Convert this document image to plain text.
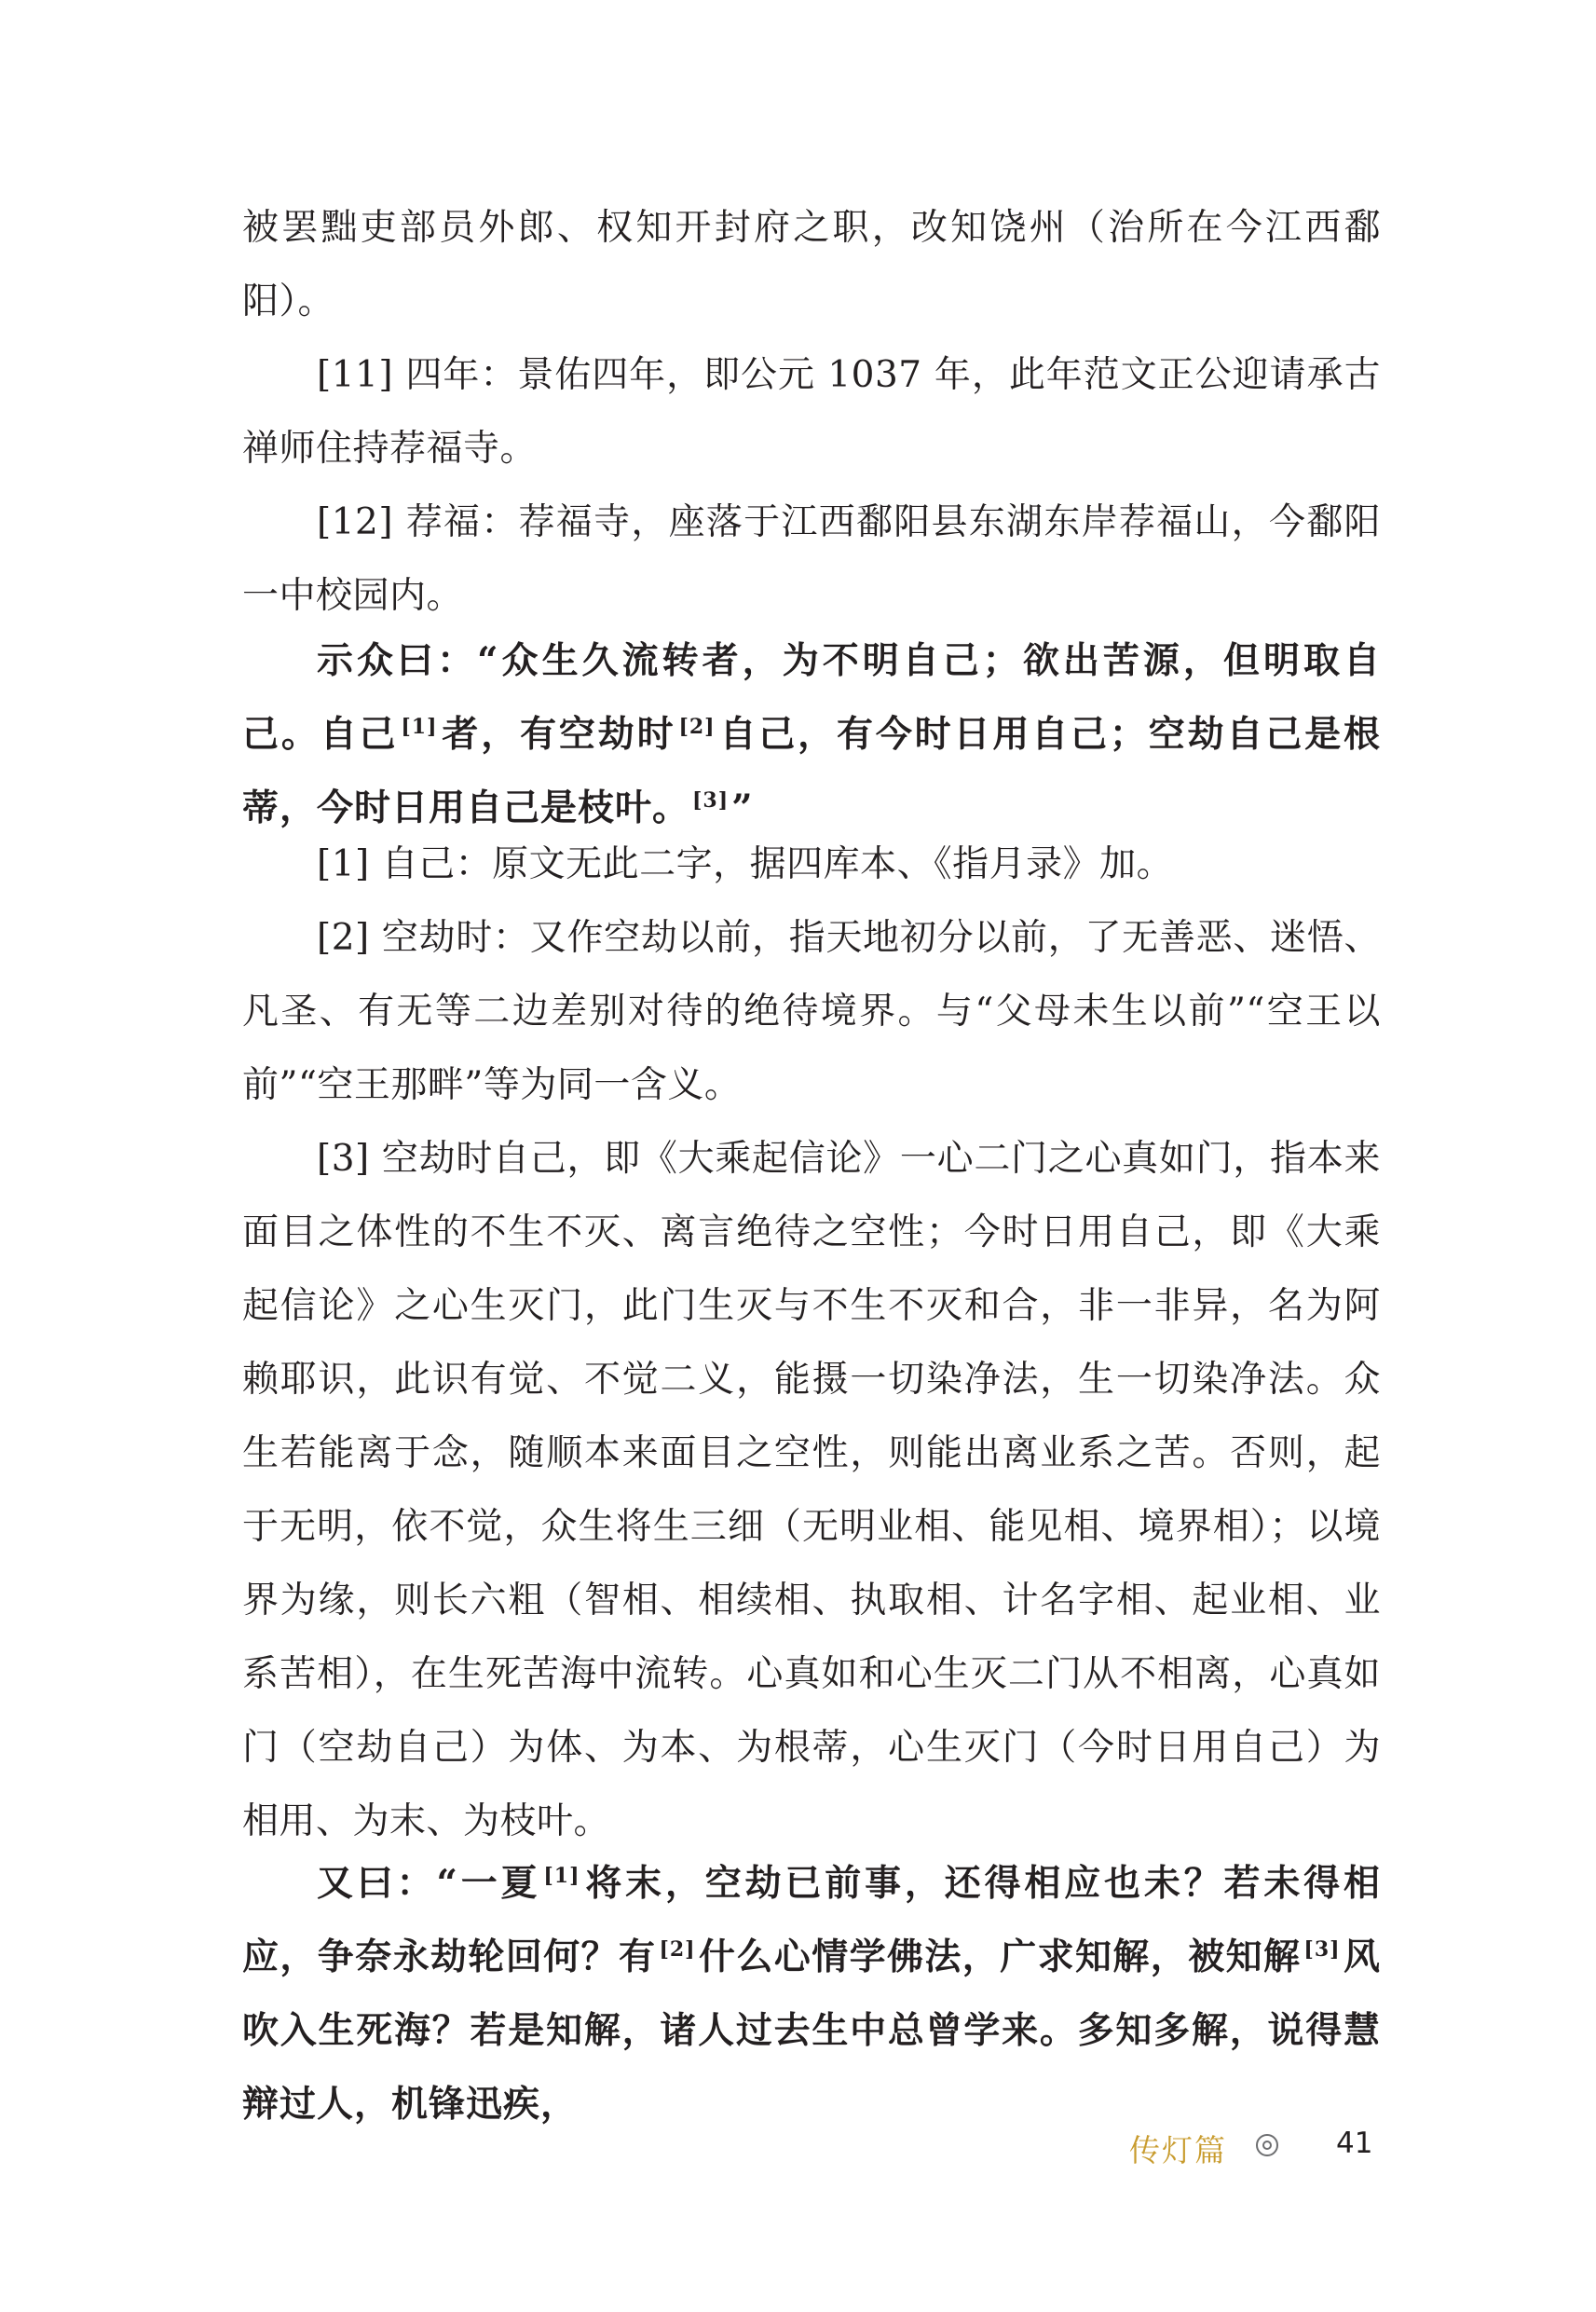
被罢黜吏部员外郎、权知开封府之职，改知饶州（治所在今江西鄱阳）。

[11] 四年：景佑四年，即公元 1037 年，此年范文正公迎请承古禅师住持荐福寺。

[12] 荐福：荐福寺，座落于江西鄱阳县东湖东岸荐福山，今鄱阳一中校园内。

示众曰：“众生久流转者，为不明自己；欲出苦源，但明取自己。自己 [1]者，有空劫时 [2]自己，有今时日用自己；空劫自己是根蒂，今时日用自己是枝叶。 [3]”

[1] 自己：原文无此二字，据四库本、《指月录》加。

[2] 空劫时：又作空劫以前，指天地初分以前，了无善恶、迷悟、凡圣、有无等二边差别对待的绝待境界。与“父母未生以前”“空王以前”“空王那畔”等为同一含义。

[3] 空劫时自己，即《大乘起信论》一心二门之心真如门，指本来面目之体性的不生不灭、离言绝待之空性；今时日用自己，即《大乘起信论》之心生灭门，此门生灭与不生不灭和合，非一非异，名为阿赖耶识，此识有觉、不觉二义，能摄一切染净法，生一切染净法。众生若能离于念，随顺本来面目之空性，则能出离业系之苦。否则，起于无明，依不觉，众生将生三细（无明业相、能见相、境界相）；以境界为缘，则长六粗（智相、相续相、执取相、计名字相、起业相、业系苦相），在生死苦海中流转。心真如和心生灭二门从不相离，心真如门（空劫自己）为体、为本、为根蒂，心生灭门（今时日用自己）为相用、为末、为枝叶。

又曰：“一夏 [1]将末，空劫已前事，还得相应也未？若未得相应，争奈永劫轮回何？有 [2]什么心情学佛法，广求知解，被知解 [3]风吹入生死海？若是知解，诸人过去生中总曾学来。多知多解，说得慧辩过人，机锋迅疾，

传灯篇	41
